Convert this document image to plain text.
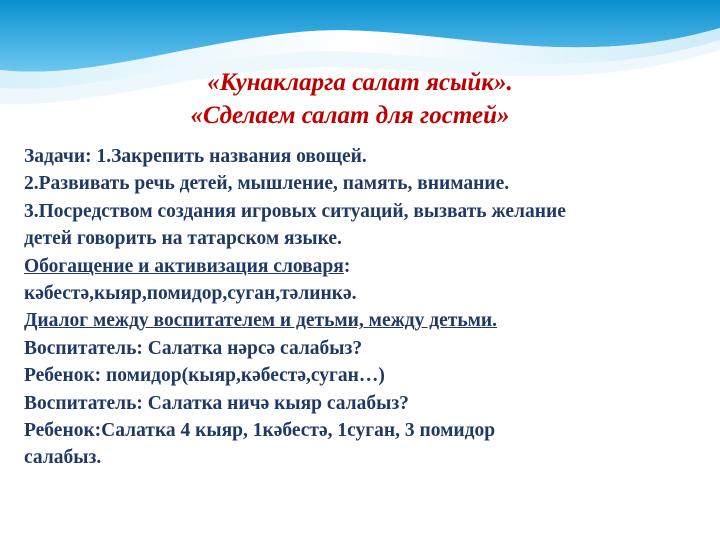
«Кунакларга салат ясыйк».
«Сделаем салат для гостей»
Задачи: 1.Закрепить названия овощей.
2.Развивать речь детей, мышление, память, внимание.
3.Посредством создания игровых ситуаций, вызвать желание
детей говорить на татарском языке.
Обогащение и активизация словаря:
кәбестә,кыяр,помидор,суган,тәлинкә.
Диалог между воспитателем и детьми, между детьми.
Воспитатель: Салатка нәрсә салабыз?
Ребенок: помидор(кыяр,кәбестә,суган…)
Воспитатель: Салатка ничә кыяр салабыз?
Ребенок:Салатка 4 кыяр, 1кәбестә, 1суган, 3 помидор
салабыз.
